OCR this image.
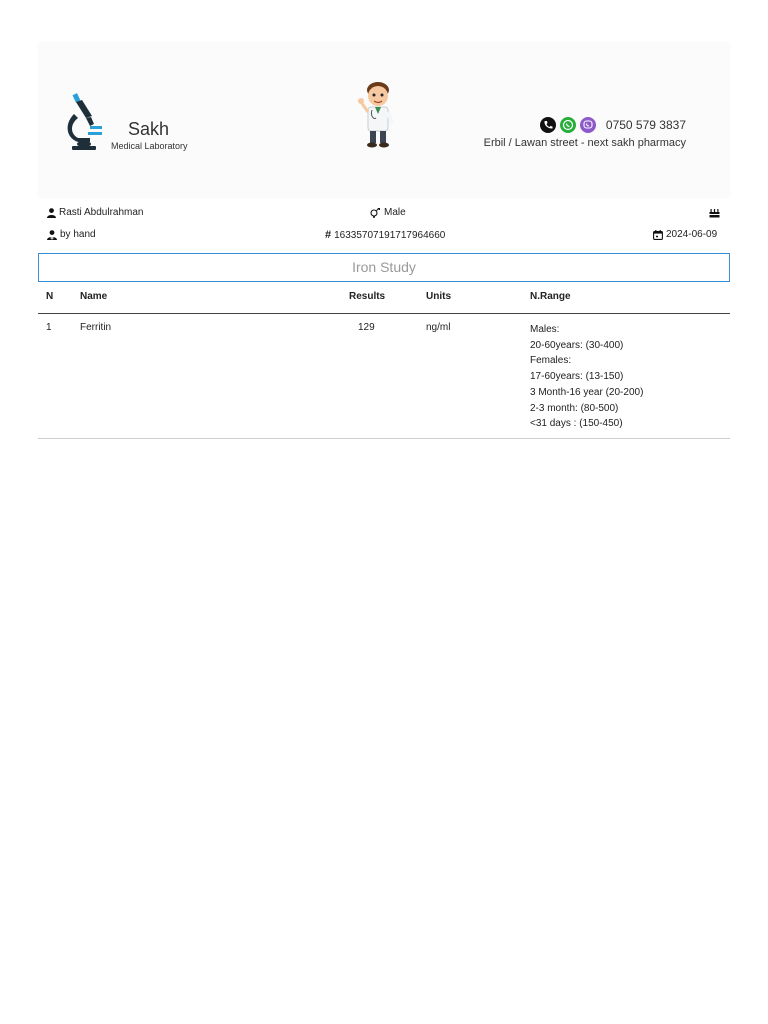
Sakh
Medical Laboratory
0750 579 3837
Erbil / Lawan street - next sakh pharmacy
Rasti Abdulrahman	Male
by hand	# 16335707191717964660	2024-06-09
Iron Study
N	Name	Results	Units	N.Range
1	Ferritin	129	ng/ml	Males:
20-60years: (30-400)
Females:
17-60years: (13-150)
3 Month-16 year (20-200)
2-3 month: (80-500)
<31 days : (150-450)
